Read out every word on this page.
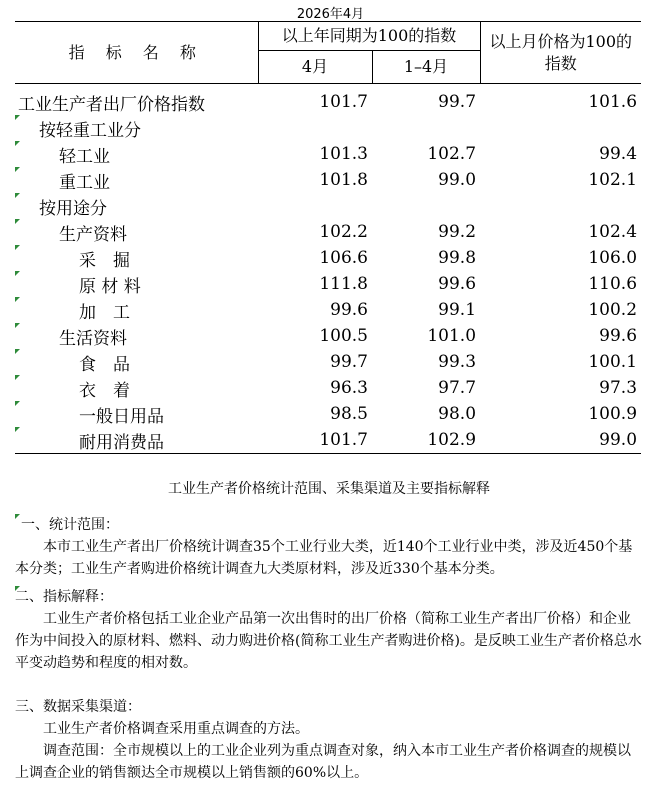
2026年4月
指 标 名 称	以上年同期为100的指数		以上月价格为100的指数
	4月	1–4月	
工业生产者出厂价格指数	101.7	99.7	101.6

按轻重工业分			

轻工业	101.3	102.7	99.4

重工业	101.8	99.0	102.1

按用途分			

生产资料	102.2	99.2	102.4

采　掘	106.6	99.8	106.0

原 材 料	111.8	99.6	110.6

加　工	99.6	99.1	100.2

生活资料	100.5	101.0	99.6

食　品	99.7	99.3	100.1

衣　着	96.3	97.7	97.3

一般日用品	98.5	98.0	100.9

耐用消费品	101.7	102.9	99.0
工业生产者价格统计范围、采集渠道及主要指标解释
一、统计范围：

本市工业生产者出厂价格统计调查35个工业行业大类，近140个工业行业中类，涉及近450个基本分类；工业生产者购进价格统计调查九大类原材料，涉及近330个基本分类。

二、指标解释：

工业生产者价格包括工业企业产品第一次出售时的出厂价格（简称工业生产者出厂价格）和企业作为中间投入的原材料、燃料、动力购进价格(简称工业生产者购进价格)。是反映工业生产者价格总水平变动趋势和程度的相对数。

三、数据采集渠道：

工业生产者价格调查采用重点调查的方法。

调查范围：全市规模以上的工业企业列为重点调查对象，纳入本市工业生产者价格调查的规模以上调查企业的销售额达全市规模以上销售额的60%以上。
